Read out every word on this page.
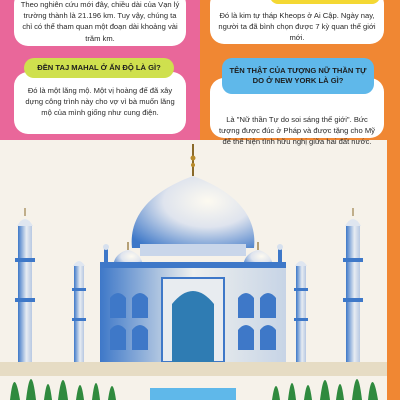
Theo nghiên cứu mới đây, chiều dài của Vạn lý trường thành là 21.196 km. Tuy vậy, chúng ta chỉ có thể tham quan một đoạn dài khoảng vài trăm km.

Đó là kim tự tháp Kheops ở Ai Cập. Ngày nay, người ta đã bình chọn được 7 kỳ quan thế giới mới.

Đó là một lăng mộ. Một vị hoàng đế đã xây dựng công trình này cho vợ vì bà muốn lăng mộ của mình giống như cung điện.

ĐỀN TAJ MAHAL Ở ẤN ĐỘ LÀ GÌ?

Là "Nữ thần Tự do soi sáng thế giới". Bức tượng được đúc ở Pháp và được tặng cho Mỹ để thể hiện tình hữu nghị giữa hai đất nước.

TÊN THẬT CỦA TƯỢNG NỮ THẦN TỰ DO Ở NEW YORK LÀ GÌ?
